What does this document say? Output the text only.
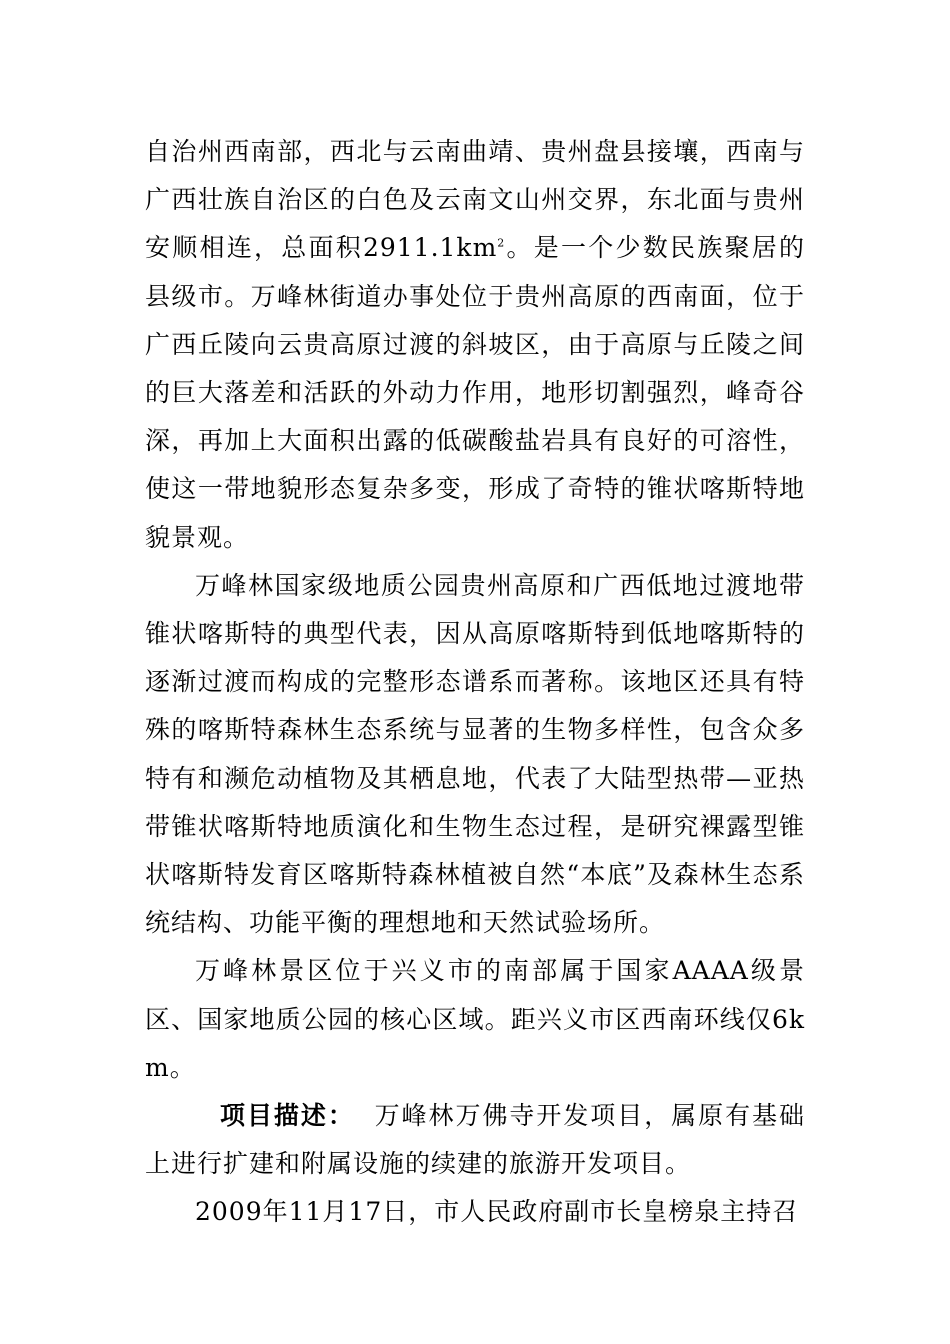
自治州西南部，西北与云南曲靖、贵州盘县接壤，西南与广西壮族自治区的白色及云南文山州交界，东北面与贵州安顺相连，总面积$2911.1km^2$。是一个少数民族聚居的县级市。万峰林街道办事处位于贵州高原的西南面，位于广西丘陵向云贵高原过渡的斜坡区，由于高原与丘陵之间的巨大落差和活跃的外动力作用，地形切割强烈，峰奇谷深，再加上大面积出露的低碳酸盐岩具有良好的可溶性，使这一带地貌形态复杂多变，形成了奇特的锥状喀斯特地貌景观。

万峰林国家级地质公园贵州高原和广西低地过渡地带锥状喀斯特的典型代表，因从高原喀斯特到低地喀斯特的逐渐过渡而构成的完整形态谱系而著称。该地区还具有特殊的喀斯特森林生态系统与显著的生物多样性，包含众多特有和濒危动植物及其栖息地，代表了大陆型热带—亚热带锥状喀斯特地质演化和生物生态过程，是研究裸露型锥状喀斯特发育区喀斯特森林植被自然“本底”及森林生态系统结构、功能平衡的理想地和天然试验场所。

万峰林景区位于兴义市的南部属于国家AAAA级景区、国家地质公园的核心区域。距兴义市区西南环线仅6km。

项目描述：  万峰林万佛寺开发项目，属原有基础上进行扩建和附属设施的续建的旅游开发项目。

2009年11月17日，市人民政府副市长皇榜泉主持召
